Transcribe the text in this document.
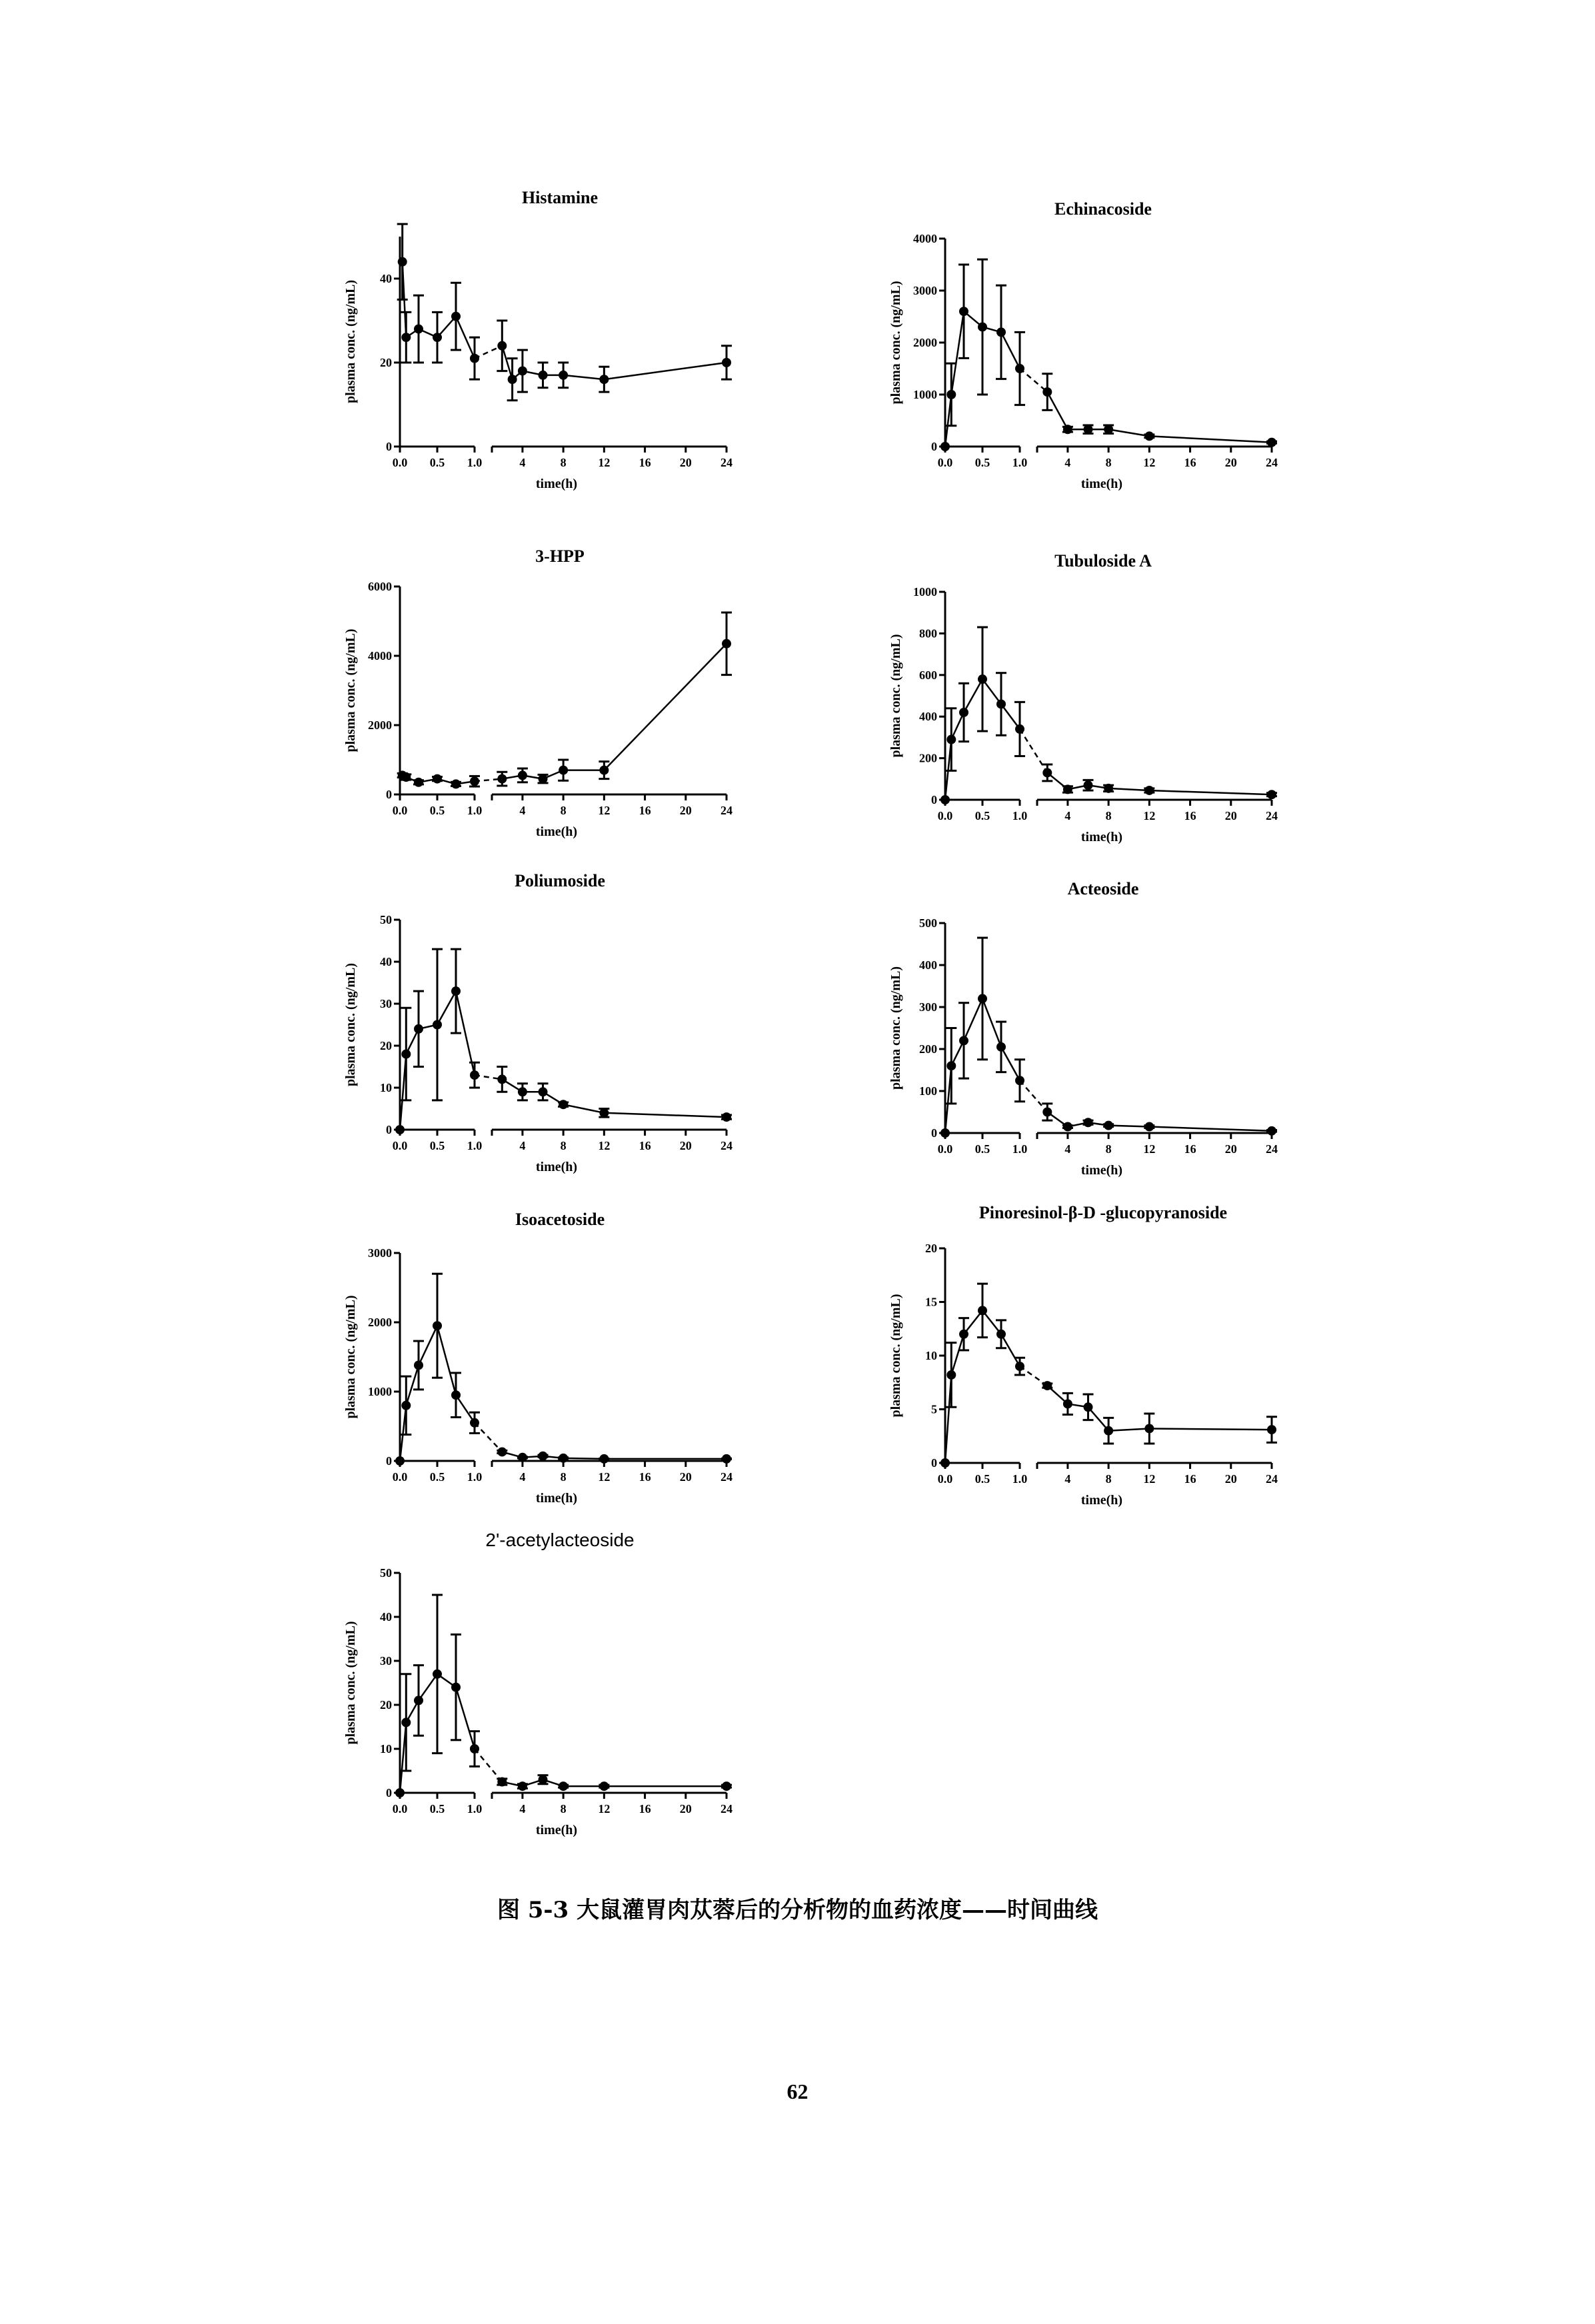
图 5-3 大鼠灌胃肉苁蓉后的分析物的血药浓度——时间曲线
62
Histamine
0
20
40
plasma conc. (ng/mL)
0.0 0.5 1.0	4	8	12 16 20 24
time(h)
Echinacoside
0
1000
2000
3000
4000
plasma conc. (ng/mL)
0.0 0.5 1.0	4	8	12 16 20 24
time(h)
3-HPP
0
2000
4000
6000
plasma conc. (ng/mL)
0.0 0.5 1.0	4	8	12 16 20 24
time(h)
Tubuloside A
0
200
400
600
800
1000
plasma conc. (ng/mL)
0.0 0.5 1.0	4	8	12 16 20 24
time(h)
Poliumoside
0
10
20
30
40
50
plasma conc. (ng/mL)
0.0 0.5 1.0	4	8	12 16 20 24
time(h)
Acteoside
0
100
200
300
400
500
plasma conc. (ng/mL)
0.0 0.5 1.0	4	8	12 16 20 24
time(h)
Isoacetoside
0
1000
2000
3000
plasma conc. (ng/mL)
0.0 0.5 1.0	4	8	12 16 20 24
time(h)
Pinoresinol-β-D -glucopyranoside
0
5
10
15
20
plasma conc. (ng/mL)
0.0 0.5 1.0	4	8	12 16 20 24
time(h)
2'-acetylacteoside
0
10
20
30
40
50
plasma conc. (ng/mL)
0.0 0.5 1.0	4	8	12 16 20 24
time(h)
